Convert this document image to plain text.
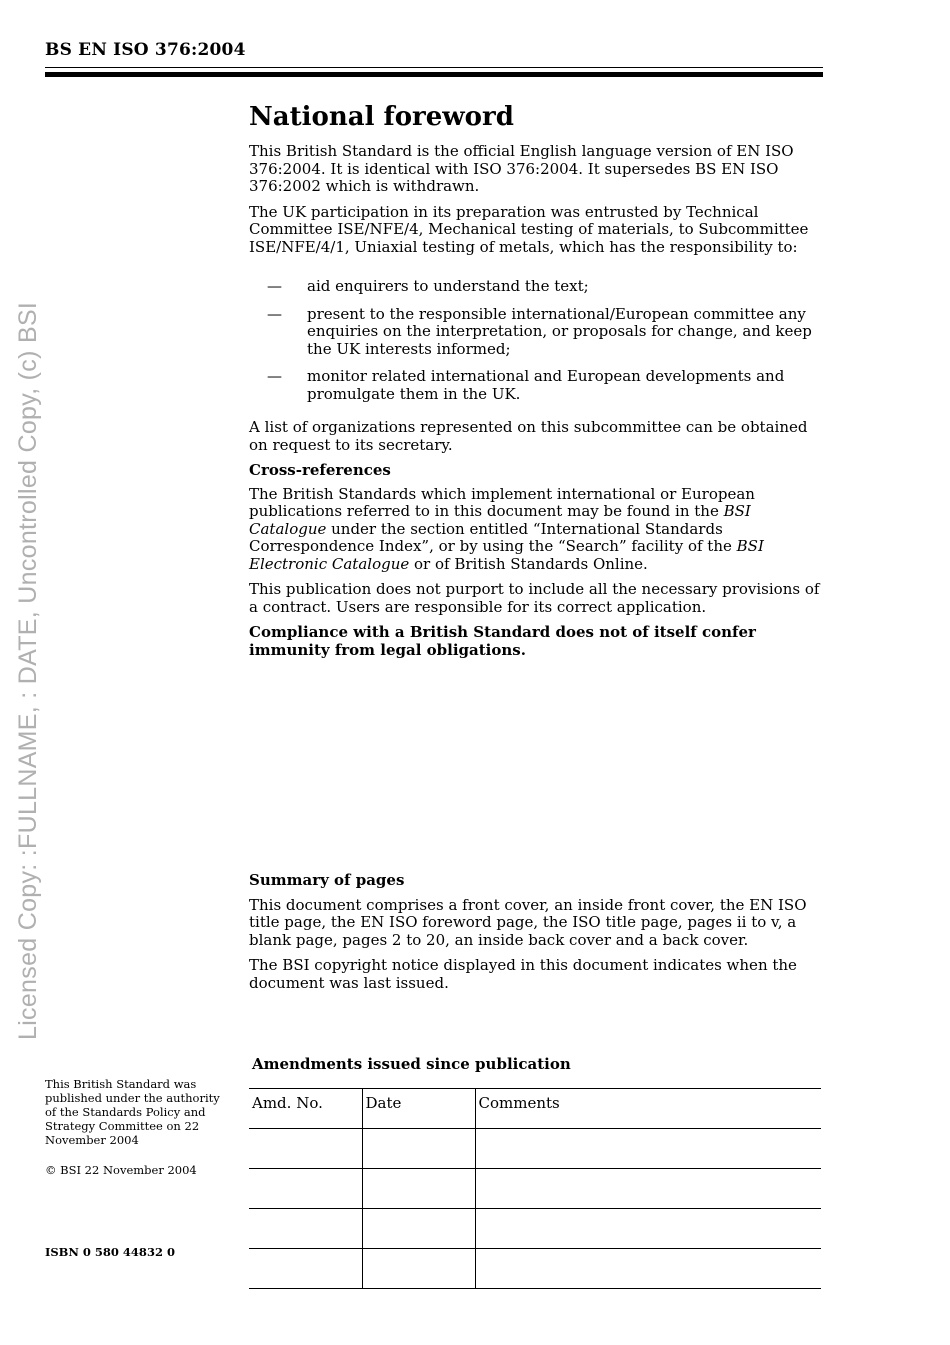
BS EN ISO 376:2004
Licensed Copy: :FULLNAME, : DATE, Uncontrolled Copy, (c) BSI
National foreword

This British Standard is the official English language version of EN ISO 376:2004. It is identical with ISO 376:2004. It supersedes BS EN ISO 376:2002 which is withdrawn.

The UK participation in its preparation was entrusted by Technical Committee ISE/NFE/4, Mechanical testing of materials, to Subcommittee ISE/NFE/4/1, Uniaxial testing of metals, which has the responsibility to:

— aid enquirers to understand the text;
— present to the responsible international/European committee any enquiries on the interpretation, or proposals for change, and keep the UK interests informed;
— monitor related international and European developments and promulgate them in the UK.

A list of organizations represented on this subcommittee can be obtained on request to its secretary.

Cross-references

The British Standards which implement international or European publications referred to in this document may be found in the BSI Catalogue under the section entitled “International Standards Correspondence Index”, or by using the “Search” facility of the BSI Electronic Catalogue or of British Standards Online.

This publication does not purport to include all the necessary provisions of a contract. Users are responsible for its correct application.

Compliance with a British Standard does not of itself confer immunity from legal obligations.

Summary of pages

This document comprises a front cover, an inside front cover, the EN ISO title page, the EN ISO foreword page, the ISO title page, pages ii to v, a blank page, pages 2 to 20, an inside back cover and a back cover.

The BSI copyright notice displayed in this document indicates when the document was last issued.

This British Standard was published under the authority of the Standards Policy and Strategy Committee on 22 November 2004

© BSI 22 November 2004

ISBN 0 580 44832 0
Amendments issued since publication
Amd. No.	Date	Comments
